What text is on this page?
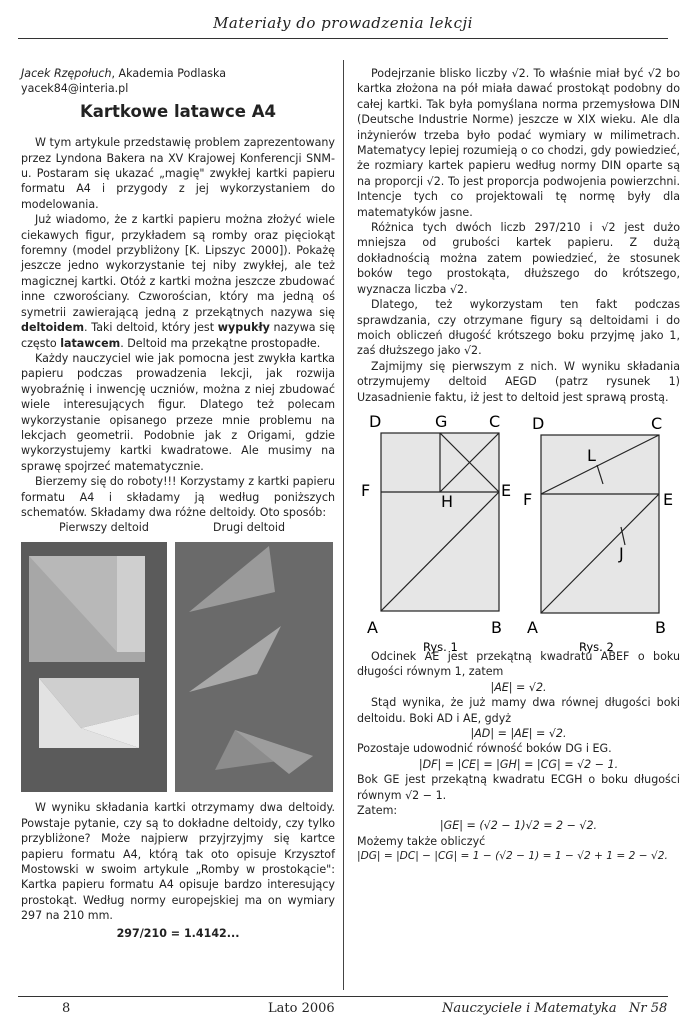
Materiały do prowadzenia lekcji

Jacek Rzępołuch, Akademia Podlaska

yacek84@interia.pl

Kartkowe latawce A4

W tym artykule przedstawię problem zaprezentowany przez Lyndona Bakera na XV Krajowej Konferencji SNM-u. Postaram się ukazać „magię" zwykłej kartki papieru formatu A4 i przygody z jej wykorzystaniem do modelowania.

Już wiadomo, że z kartki papieru można złożyć wiele ciekawych figur, przykładem są romby oraz pięciokąt foremny (model przybliżony [K. Lipszyc 2000]). Pokażę jeszcze jedno wykorzystanie tej niby zwykłej, ale też magicznej kartki. Otóż z kartki można jeszcze zbudować inne czworościany. Czworościan, który ma jedną oś symetrii zawierającą jedną z przekątnych nazywa się deltoidem. Taki deltoid, który jest wypukły nazywa się często latawcem. Deltoid ma przekątne prostopadłe.

Każdy nauczyciel wie jak pomocna jest zwykła kartka papieru podczas prowadzenia lekcji, jak rozwija wyobraźnię i inwencję uczniów, można z niej zbudować wiele interesujących figur. Dlatego też polecam wykorzystanie opisanego przeze mnie problemu na lekcjach geometrii. Podobnie jak z Origami, gdzie wykorzystujemy kartki kwadratowe. Ale musimy na sprawę spojrzeć matematycznie.

Bierzemy się do roboty!!! Korzystamy z kartki papieru formatu A4 i składamy ją według poniższych schematów. Składamy dwa różne deltoidy. Oto sposób:

Pierwszy deltoid	Drugi deltoid

W wyniku składania kartki otrzymamy dwa deltoidy. Powstaje pytanie, czy są to dokładne deltoidy, czy tylko przybliżone? Może najpierw przyjrzyjmy się kartce papieru formatu A4, którą tak oto opisuje Krzysztof Mostowski w swoim artykule „Romby w prostokącie": Kartka papieru formatu A4 opisuje bardzo interesujący prostokąt. Według normy europejskiej ma on wymiary 297 na 210 mm.

297/210 = 1.4142...

Podejrzanie blisko liczby √2. To właśnie miał być √2 bo kartka złożona na pół miała dawać prostokąt podobny do całej kartki. Tak była pomyślana norma przemysłowa DIN (Deutsche Industrie Norme) jeszcze w XIX wieku. Ale dla inżynierów trzeba było podać wymiary w milimetrach. Matematycy lepiej rozumieją o co chodzi, gdy powiedzieć, że rozmiary kartek papieru według normy DIN oparte są na proporcji √2. To jest proporcja podwojenia powierzchni. Intencje tych co projektowali tę normę były dla matematyków jasne.

Różnica tych dwóch liczb 297/210 i √2 jest dużo mniejsza od grubości kartek papieru. Z dużą dokładnością można zatem powiedzieć, że stosunek boków tego prostokąta, dłuższego do krótszego, wyznacza liczba √2.

Dlatego, też wykorzystam ten fakt podczas sprawdzania, czy otrzymane figury są deltoidami i do moich obliczeń długość krótszego boku przyjmę jako 1, zaś dłuższego jako √2.

Zajmijmy się pierwszym z nich. W wyniku składania otrzymujemy deltoid AEGD (patrz rysunek 1) Uzasadnienie faktu, iż jest to deltoid jest sprawą prostą.

D	G	C
F
H
E
A	B
Rys. 1
D	C
L
F	E
J
A	B
Rys. 2

Odcinek AE jest przekątną kwadratu ABEF o boku długości równym 1, zatem

|AE| = √2.

Stąd wynika, że już mamy dwa równej długości boki deltoidu. Boki AD i AE, gdyż

|AD| = |AE| = √2.

Pozostaje udowodnić równość boków DG i EG.

|DF| = |CE| = |GH| = |CG| = √2 − 1.

Bok GE jest przekątną kwadratu ECGH o boku długości równym √2 − 1.

Zatem:

|GE| = (√2 − 1)√2 = 2 − √2.

Możemy także obliczyć

|DG| = |DC| − |CG| = 1 − (√2 − 1) = 1 − √2 + 1 = 2 − √2.

8	Lato 2006	Nauczyciele i Matematyka   Nr 58
